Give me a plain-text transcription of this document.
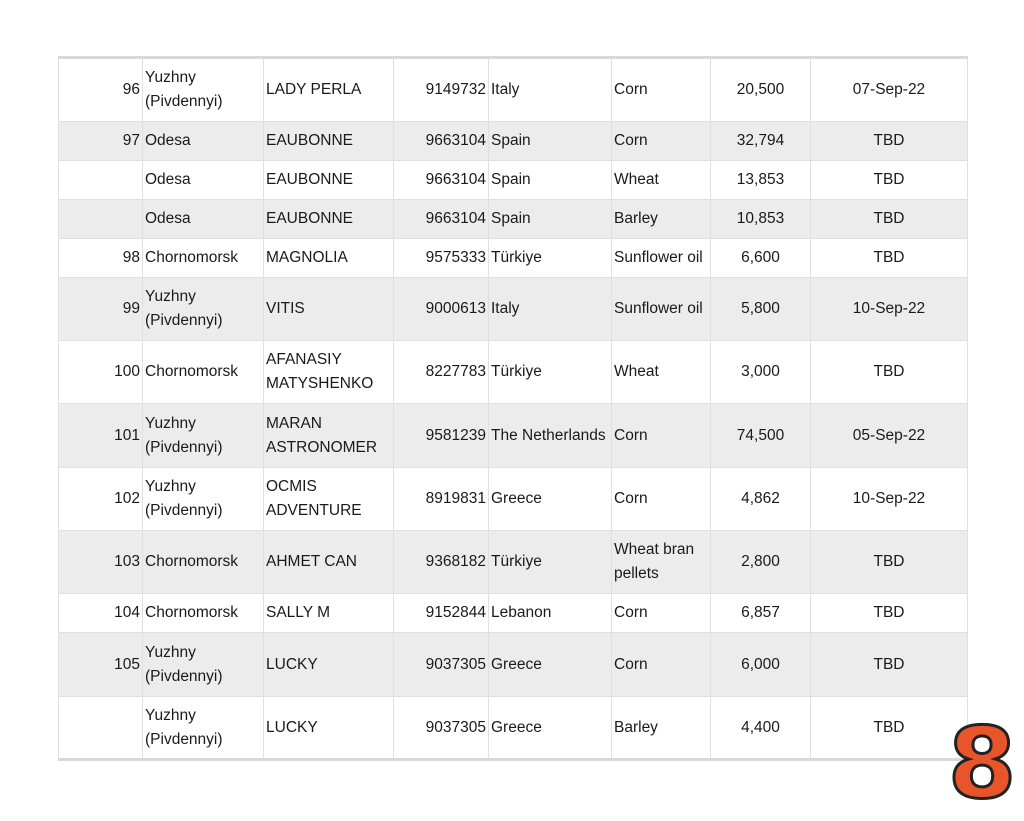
96	Yuzhny (Pivdennyi)	LADY PERLA	9149732	Italy	Corn	20,500	07-Sep-22
97	Odesa	EAUBONNE	9663104	Spain	Corn	32,794	TBD
	Odesa	EAUBONNE	9663104	Spain	Wheat	13,853	TBD
	Odesa	EAUBONNE	9663104	Spain	Barley	10,853	TBD
98	Chornomorsk	MAGNOLIA	9575333	Türkiye	Sunflower oil	6,600	TBD
99	Yuzhny (Pivdennyi)	VITIS	9000613	Italy	Sunflower oil	5,800	10-Sep-22
100	Chornomorsk	AFANASIY MATYSHENKO	8227783	Türkiye	Wheat	3,000	TBD
101	Yuzhny (Pivdennyi)	MARAN ASTRONOMER	9581239	The Netherlands	Corn	74,500	05-Sep-22
102	Yuzhny (Pivdennyi)	OCMIS ADVENTURE	8919831	Greece	Corn	4,862	10-Sep-22
103	Chornomorsk	AHMET CAN	9368182	Türkiye	Wheat bran pellets	2,800	TBD
104	Chornomorsk	SALLY M	9152844	Lebanon	Corn	6,857	TBD
105	Yuzhny (Pivdennyi)	LUCKY	9037305	Greece	Corn	6,000	TBD
	Yuzhny (Pivdennyi)	LUCKY	9037305	Greece	Barley	4,400	TBD 8
